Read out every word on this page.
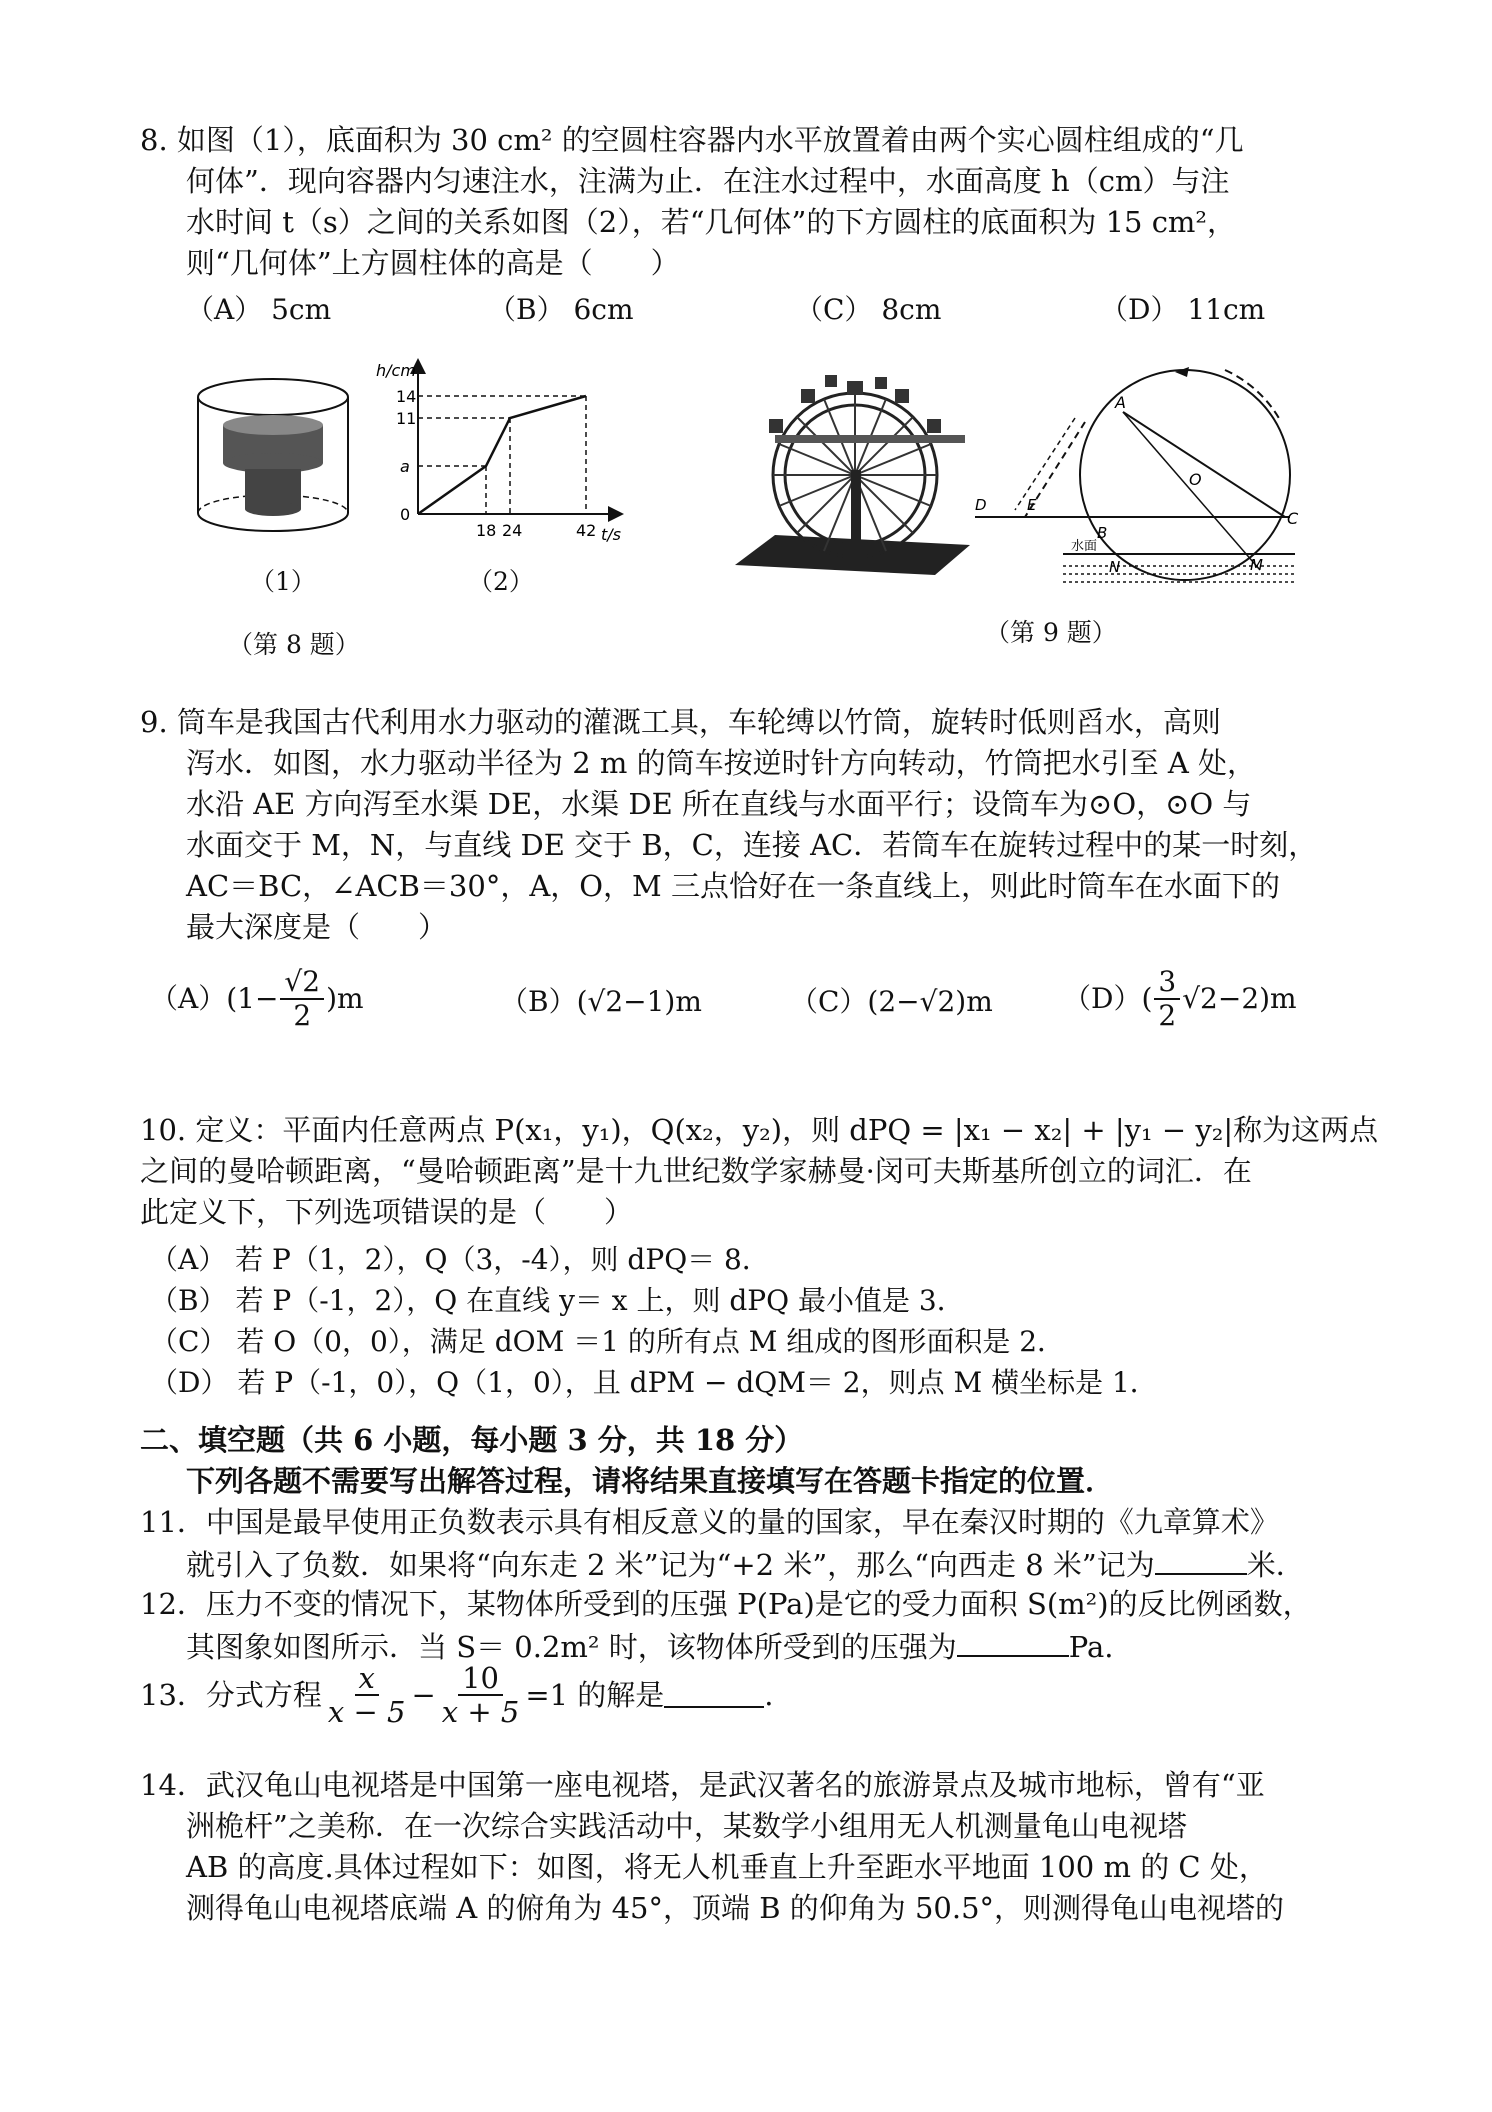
8. 如图（1），底面积为 30 cm² 的空圆柱容器内水平放置着由两个实心圆柱组成的“几
何体”．现向容器内匀速注水，注满为止．在注水过程中，水面高度 h（cm）与注
水时间 t（s）之间的关系如图（2），若“几何体”的下方圆柱的底面积为 15 cm²，
则“几何体”上方圆柱体的高是（　　）
（A） 5cm	（B） 6cm	（C） 8cm	（D） 11cm
（1）
h/cm
t/s
14
11
a
0
18 24	42
（2）
（第 8 题）
A
O
C
B
N	M
D	E
水面
（第 9 题）
9. 筒车是我国古代利用水力驱动的灌溉工具，车轮缚以竹筒，旋转时低则舀水，高则
泻水．如图，水力驱动半径为 2 m 的筒车按逆时针方向转动，竹筒把水引至 A 处，
水沿 AE 方向泻至水渠 DE，水渠 DE 所在直线与水面平行；设筒车为⊙O，⊙O 与
水面交于 M，N，与直线 DE 交于 B，C，连接 AC．若筒车在旋转过程中的某一时刻，
AC＝BC，∠ACB＝30°，A，O，M 三点恰好在一条直线上，则此时筒车在水面下的
最大深度是（　　）
$(A)(1- \frac{√2}{2} )m$	（B）(√2−1)m	（C）(2−√2)m	$(D)( \frac{3}{2} √2-2)m$
10. 定义：平面内任意两点 P(x₁，y₁)，Q(x₂，y₂)，则 dPQ = |x₁ − x₂| + |y₁ − y₂|称为这两点
之间的曼哈顿距离，“曼哈顿距离”是十九世纪数学家赫曼·闵可夫斯基所创立的词汇．在
此定义下，下列选项错误的是（　　）
（A） 若 P（1，2），Q（3，-4），则 dPQ＝ 8．
（B） 若 P（-1，2），Q 在直线 y＝ x 上，则 dPQ 最小值是 3．
（C） 若 O（0，0），满足 dOM ＝1 的所有点 M 组成的图形面积是 2．
（D） 若 P（-1，0），Q（1，0），且 dPM − dQM＝ 2，则点 M 横坐标是 1．
二、填空题（共 6 小题，每小题 3 分，共 18 分）
下列各题不需要写出解答过程，请将结果直接填写在答题卡指定的位置．
11．中国是最早使用正负数表示具有相反意义的量的国家，早在秦汉时期的《九章算术》
就引入了负数．如果将“向东走 2 米”记为“+2 米”，那么“向西走 8 米”记为	米．
12．压力不变的情况下，某物体所受到的压强 P(Pa)是它的受力面积 S(m²)的反比例函数，
其图象如图所示．当 S＝ 0.2m² 时，该物体所受到的压强为	Pa.
13．分式方程 $\frac{x}{x - 5} - \frac{10}{x + 5} =1$ 的解是	.
14．武汉龟山电视塔是中国第一座电视塔，是武汉著名的旅游景点及城市地标，曾有“亚
洲桅杆”之美称．在一次综合实践活动中，某数学小组用无人机测量龟山电视塔
AB 的高度.具体过程如下：如图，将无人机垂直上升至距水平地面 100 m 的 C 处，
测得龟山电视塔底端 A 的俯角为 45°，顶端 B 的仰角为 50.5°，则测得龟山电视塔的
